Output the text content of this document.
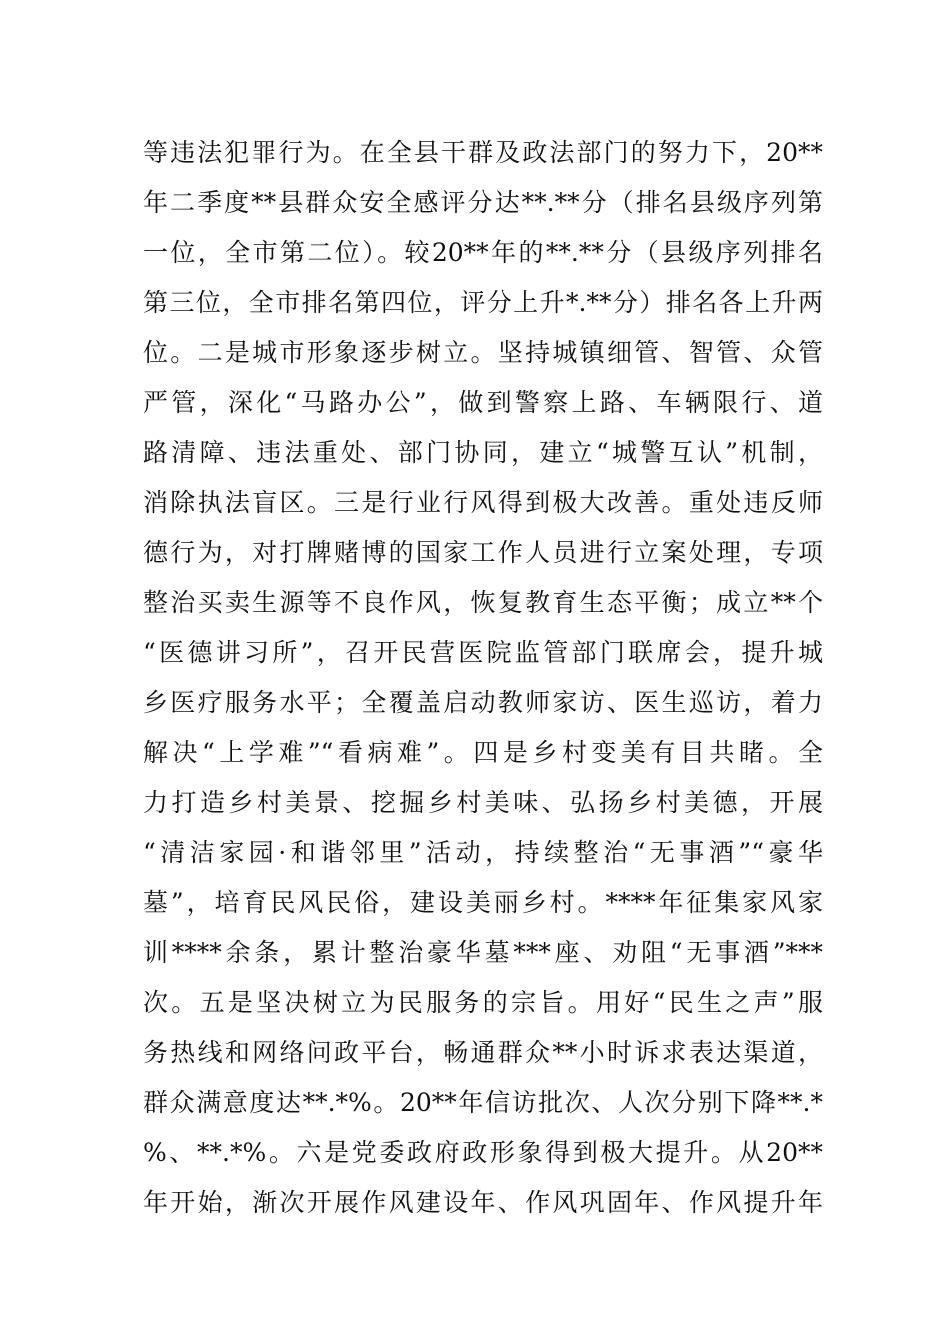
等违法犯罪行为。在全县干群及政法部门的努力下，20**
年二季度**县群众安全感评分达**.**分（排名县级序列第
一位，全市第二位）。较20**年的**.**分（县级序列排名
第三位，全市排名第四位，评分上升*.**分）排名各上升两
位。二是城市形象逐步树立。坚持城镇细管、智管、众管
严管，深化“马路办公”，做到警察上路、车辆限行、道
路清障、违法重处、部门协同，建立“城警互认”机制，
消除执法盲区。三是行业行风得到极大改善。重处违反师
德行为，对打牌赌博的国家工作人员进行立案处理，专项
整治买卖生源等不良作风，恢复教育生态平衡；成立**个
“医德讲习所”，召开民营医院监管部门联席会，提升城
乡医疗服务水平；全覆盖启动教师家访、医生巡访，着力
解决“上学难”“看病难”。四是乡村变美有目共睹。全
力打造乡村美景、挖掘乡村美味、弘扬乡村美德，开展
“清洁家园·和谐邻里”活动，持续整治“无事酒”“豪华
墓”，培育民风民俗，建设美丽乡村。****年征集家风家
训****余条，累计整治豪华墓***座、劝阻“无事酒”***
次。五是坚决树立为民服务的宗旨。用好“民生之声”服
务热线和网络问政平台，畅通群众**小时诉求表达渠道，
群众满意度达**.*%。20**年信访批次、人次分别下降**.*
%、**.*%。六是党委政府政形象得到极大提升。从20**
年开始，渐次开展作风建设年、作风巩固年、作风提升年
